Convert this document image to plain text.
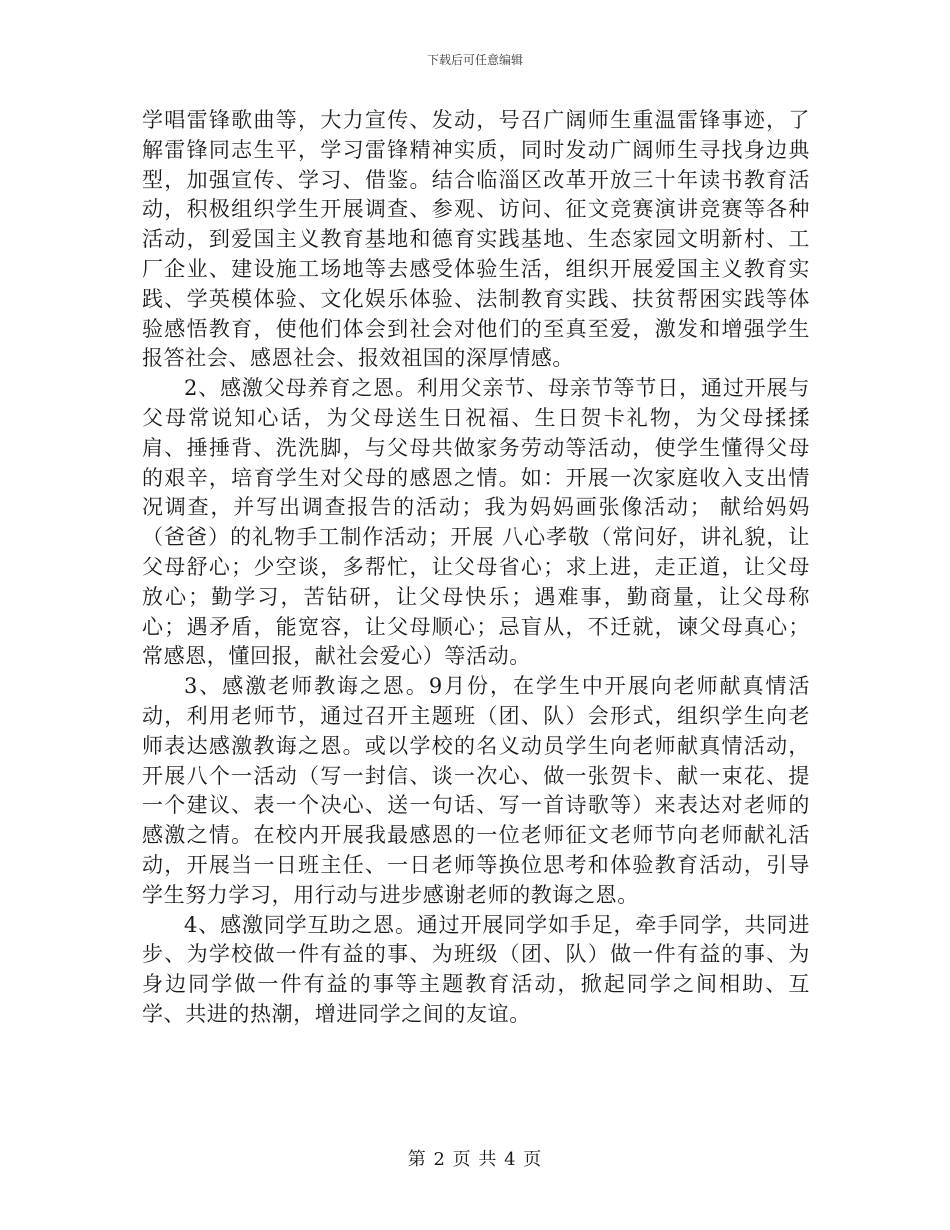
下载后可任意编辑

学唱雷锋歌曲等，大力宣传、发动，号召广阔师生重温雷锋事迹，了解雷锋同志生平，学习雷锋精神实质，同时发动广阔师生寻找身边典型，加强宣传、学习、借鉴。结合临淄区改革开放三十年读书教育活动，积极组织学生开展调查、参观、访问、征文竞赛演讲竞赛等各种活动，到爱国主义教育基地和德育实践基地、生态家园文明新村、工厂企业、建设施工场地等去感受体验生活，组织开展爱国主义教育实践、学英模体验、文化娱乐体验、法制教育实践、扶贫帮困实践等体验感悟教育，使他们体会到社会对他们的至真至爱，激发和增强学生报答社会、感恩社会、报效祖国的深厚情感。

2、感激父母养育之恩。利用父亲节、母亲节等节日，通过开展与父母常说知心话，为父母送生日祝福、生日贺卡礼物，为父母揉揉肩、捶捶背、洗洗脚，与父母共做家务劳动等活动，使学生懂得父母的艰辛，培育学生对父母的感恩之情。如：开展一次家庭收入支出情况调查，并写出调查报告的活动；我为妈妈画张像活动； 献给妈妈（爸爸）的礼物手工制作活动；开展 八心孝敬（常问好，讲礼貌，让父母舒心；少空谈，多帮忙，让父母省心；求上进，走正道，让父母放心；勤学习，苦钻研，让父母快乐；遇难事，勤商量，让父母称心；遇矛盾，能宽容，让父母顺心；忌盲从，不迁就，谏父母真心；常感恩，懂回报，献社会爱心）等活动。

3、感激老师教诲之恩。9月份，在学生中开展向老师献真情活动，利用老师节，通过召开主题班（团、队）会形式，组织学生向老师表达感激教诲之恩。或以学校的名义动员学生向老师献真情活动，开展八个一活动（写一封信、谈一次心、做一张贺卡、献一束花、提一个建议、表一个决心、送一句话、写一首诗歌等）来表达对老师的感激之情。在校内开展我最感恩的一位老师征文老师节向老师献礼活动，开展当一日班主任、一日老师等换位思考和体验教育活动，引导学生努力学习，用行动与进步感谢老师的教诲之恩。

4、感激同学互助之恩。通过开展同学如手足，牵手同学，共同进步、为学校做一件有益的事、为班级（团、队）做一件有益的事、为身边同学做一件有益的事等主题教育活动，掀起同学之间相助、互学、共进的热潮，增进同学之间的友谊。

第 2 页 共 4 页
